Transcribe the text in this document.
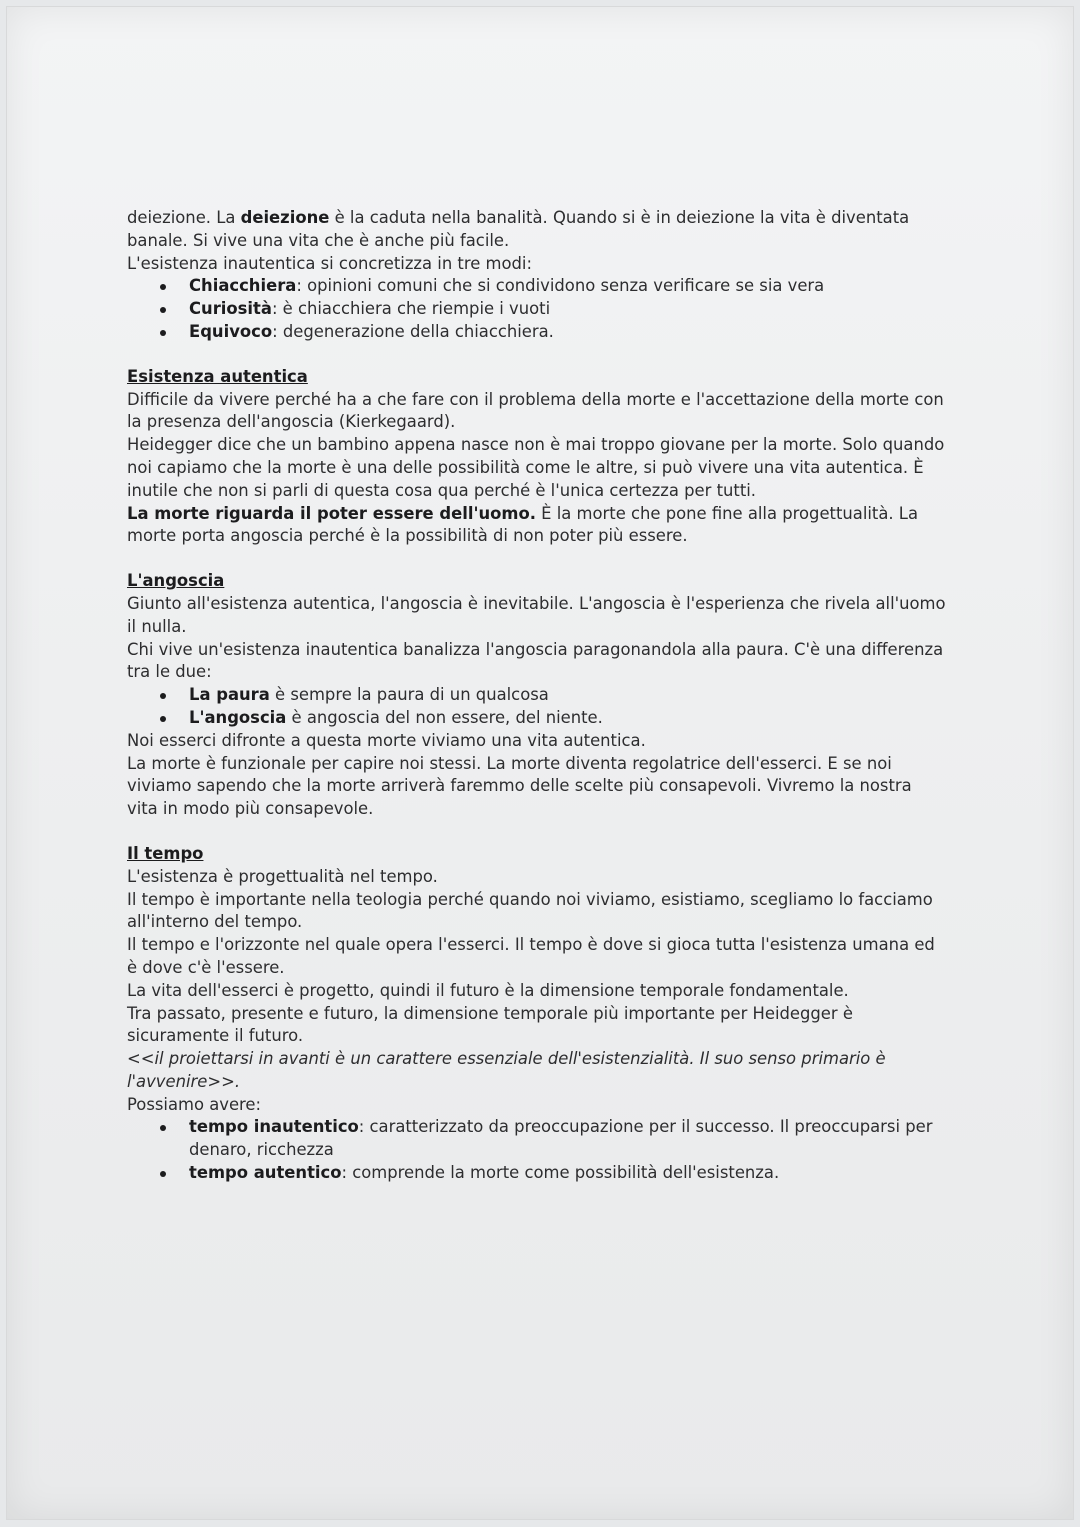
deiezione. La deiezione è la caduta nella banalità. Quando si è in deiezione la vita è diventata banale. Si vive una vita che è anche più facile.

L'esistenza inautentica si concretizza in tre modi:

Chiacchiera: opinioni comuni che si condividono senza verificare se sia vera
Curiosità: è chiacchiera che riempie i vuoti
Equivoco: degenerazione della chiacchiera.

Esistenza autentica

Difficile da vivere perché ha a che fare con il problema della morte e l'accettazione della morte con la presenza dell'angoscia (Kierkegaard).

Heidegger dice che un bambino appena nasce non è mai troppo giovane per la morte. Solo quando noi capiamo che la morte è una delle possibilità come le altre, si può vivere una vita autentica. È inutile che non si parli di questa cosa qua perché è l'unica certezza per tutti.

La morte riguarda il poter essere dell'uomo. È la morte che pone fine alla progettualità. La morte porta angoscia perché è la possibilità di non poter più essere.

L'angoscia

Giunto all'esistenza autentica, l'angoscia è inevitabile. L'angoscia è l'esperienza che rivela all'uomo il nulla.

Chi vive un'esistenza inautentica banalizza l'angoscia paragonandola alla paura. C'è una differenza tra le due:

La paura è sempre la paura di un qualcosa
L'angoscia è angoscia del non essere, del niente.

Noi esserci difronte a questa morte viviamo una vita autentica.

La morte è funzionale per capire noi stessi. La morte diventa regolatrice dell'esserci. E se noi viviamo sapendo che la morte arriverà faremmo delle scelte più consapevoli. Vivremo la nostra vita in modo più consapevole.

Il tempo

L'esistenza è progettualità nel tempo.

Il tempo è importante nella teologia perché quando noi viviamo, esistiamo, scegliamo lo facciamo all'interno del tempo.

Il tempo e l'orizzonte nel quale opera l'esserci. Il tempo è dove si gioca tutta l'esistenza umana ed è dove c'è l'essere.

La vita dell'esserci è progetto, quindi il futuro è la dimensione temporale fondamentale.

Tra passato, presente e futuro, la dimensione temporale più importante per Heidegger è sicuramente il futuro.

<<il proiettarsi in avanti è un carattere essenziale dell'esistenzialità. Il suo senso primario è l'avvenire>>.

Possiamo avere:

tempo inautentico: caratterizzato da preoccupazione per il successo. Il preoccuparsi per denaro, ricchezza
tempo autentico: comprende la morte come possibilità dell'esistenza.
